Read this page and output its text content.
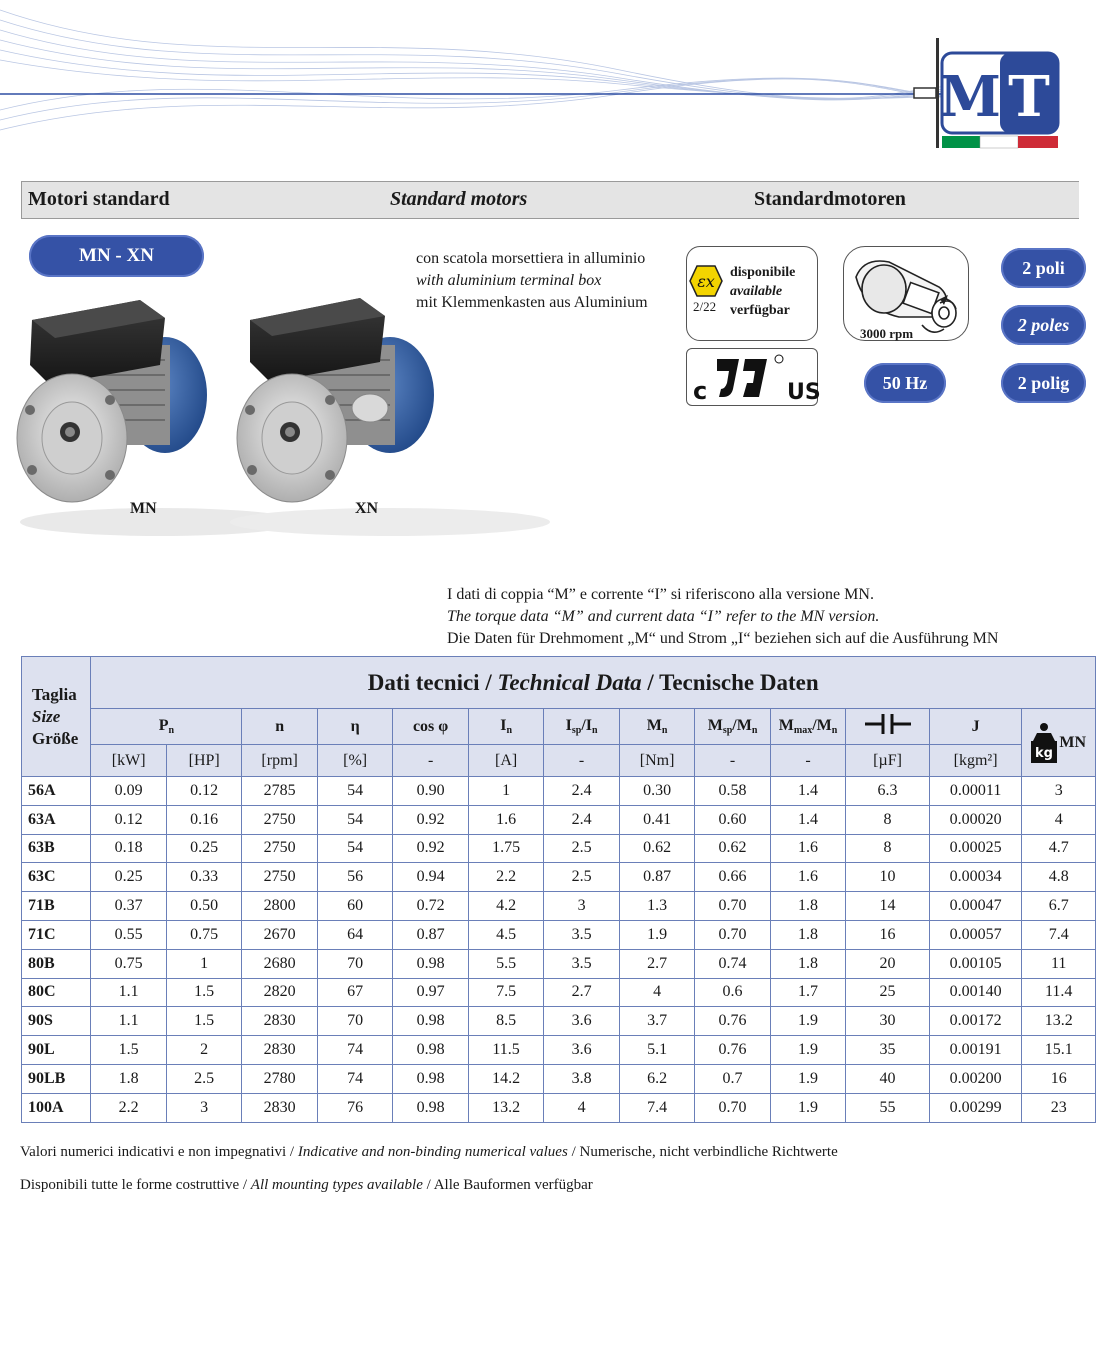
M T
Motori standard	Standard motors	Standardmotoren
MN - XN
MN	XN
con scatola morsettiera in alluminio
with aluminium terminal box
mit Klemmenkasten aus Aluminium
εx
2/22
disponibile
available
verfügbar
3000 rpm
c	US	50 Hz
2 poli
2 poles
2 polig
I dati di coppia “M” e corrente “I” si riferiscono alla versione MN.
The torque data “M” and current data “I” refer to the MN version.
Die Daten für Drehmoment „M“ und Strom „I“ beziehen sich auf die Ausführung MN
Taglia
Size
Größe	Dati tecnici / Technical Data / Tecnische Daten												
	$P_n$		n	η	cos φ	$I_n$	$I_{sp}/I_n$	$M_n$	$M_{sp}/M_n$	$M_{max}/M_n$		J	kg
MN

	[kW]	[HP]	[rpm]	[%]	-	[A]	-	[Nm]	-	-	[µF]	[kgm²]	
56A	0.09	0.12	2785	54	0.90	1	2.4	0.30	0.58	1.4	6.3	0.00011	3
63A	0.12	0.16	2750	54	0.92	1.6	2.4	0.41	0.60	1.4	8	0.00020	4
63B	0.18	0.25	2750	54	0.92	1.75	2.5	0.62	0.62	1.6	8	0.00025	4.7
63C	0.25	0.33	2750	56	0.94	2.2	2.5	0.87	0.66	1.6	10	0.00034	4.8
71B	0.37	0.50	2800	60	0.72	4.2	3	1.3	0.70	1.8	14	0.00047	6.7
71C	0.55	0.75	2670	64	0.87	4.5	3.5	1.9	0.70	1.8	16	0.00057	7.4
80B	0.75	1	2680	70	0.98	5.5	3.5	2.7	0.74	1.8	20	0.00105	11
80C	1.1	1.5	2820	67	0.97	7.5	2.7	4	0.6	1.7	25	0.00140	11.4
90S	1.1	1.5	2830	70	0.98	8.5	3.6	3.7	0.76	1.9	30	0.00172	13.2
90L	1.5	2	2830	74	0.98	11.5	3.6	5.1	0.76	1.9	35	0.00191	15.1
90LB	1.8	2.5	2780	74	0.98	14.2	3.8	6.2	0.7	1.9	40	0.00200	16
100A	2.2	3	2830	76	0.98	13.2	4	7.4	0.70	1.9	55	0.00299	23
Valori numerici indicativi e non impegnativi / Indicative and non-binding numerical values / Numerische, nicht verbindliche Richtwerte
Disponibili tutte le forme costruttive / All mounting types available / Alle Bauformen verfügbar
